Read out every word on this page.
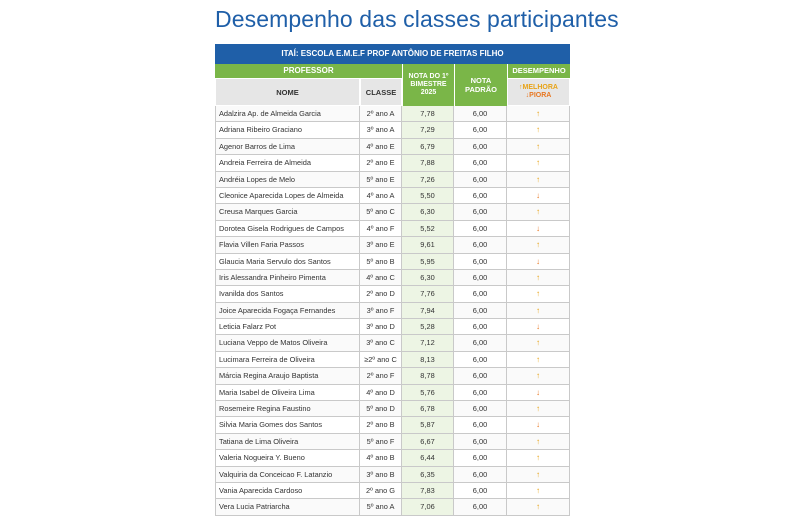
Desempenho das classes participantes
ITAÍ: ESCOLA E.M.E.F PROF ANTÔNIO DE FREITAS FILHO
PROFESSOR
NOME	CLASSE
NOTA DO 1º BIMESTRE 2025
NOTA PADRÃO
DESEMPENHO
↑MELHORA
↓PIORA
Adalzira Ap. de Almeida Garcia	2º ano A	7,78	6,00	↑
Adriana Ribeiro Graciano	3º ano A	7,29	6,00	↑
Agenor Barros de Lima	4º ano E	6,79	6,00	↑
Andreia Ferreira de Almeida	2º ano E	7,88	6,00	↑
Andréia Lopes de Melo	5º ano E	7,26	6,00	↑
Cleonice Aparecida Lopes de Almeida	4º ano A	5,50	6,00	↓
Creusa Marques Garcia	5º ano C	6,30	6,00	↑
Dorotea Gisela Rodrigues de Campos	4º ano F	5,52	6,00	↓
Flavia Villen Faria Passos	3º ano E	9,61	6,00	↑
Glaucia Maria Servulo dos Santos	5º ano B	5,95	6,00	↓
Iris Alessandra Pinheiro Pimenta	4º ano C	6,30	6,00	↑
Ivanilda dos Santos	2º ano D	7,76	6,00	↑
Joice Aparecida Fogaça Fernandes	3º ano F	7,94	6,00	↑
Leticia Falarz Pot	3º ano D	5,28	6,00	↓
Luciana Veppo de Matos Oliveira	3º ano C	7,12	6,00	↑
Lucimara Ferreira de Oliveira	≥2º ano C	8,13	6,00	↑
Márcia Regina Araujo Baptista	2º ano F	8,78	6,00	↑
Maria Isabel de Oliveira Lima	4º ano D	5,76	6,00	↓
Rosemeire Regina Faustino	5º ano D	6,78	6,00	↑
Silvia Maria Gomes dos Santos	2º ano B	5,87	6,00	↓
Tatiana de Lima Oliveira	5º ano F	6,67	6,00	↑
Valeria Nogueira Y. Bueno	4º ano B	6,44	6,00	↑
Valquiria da Conceicao F. Latanzio	3º ano B	6,35	6,00	↑
Vania Aparecida Cardoso	2º ano G	7,83	6,00	↑
Vera Lucia Patriarcha	5º ano A	7,06	6,00	↑
